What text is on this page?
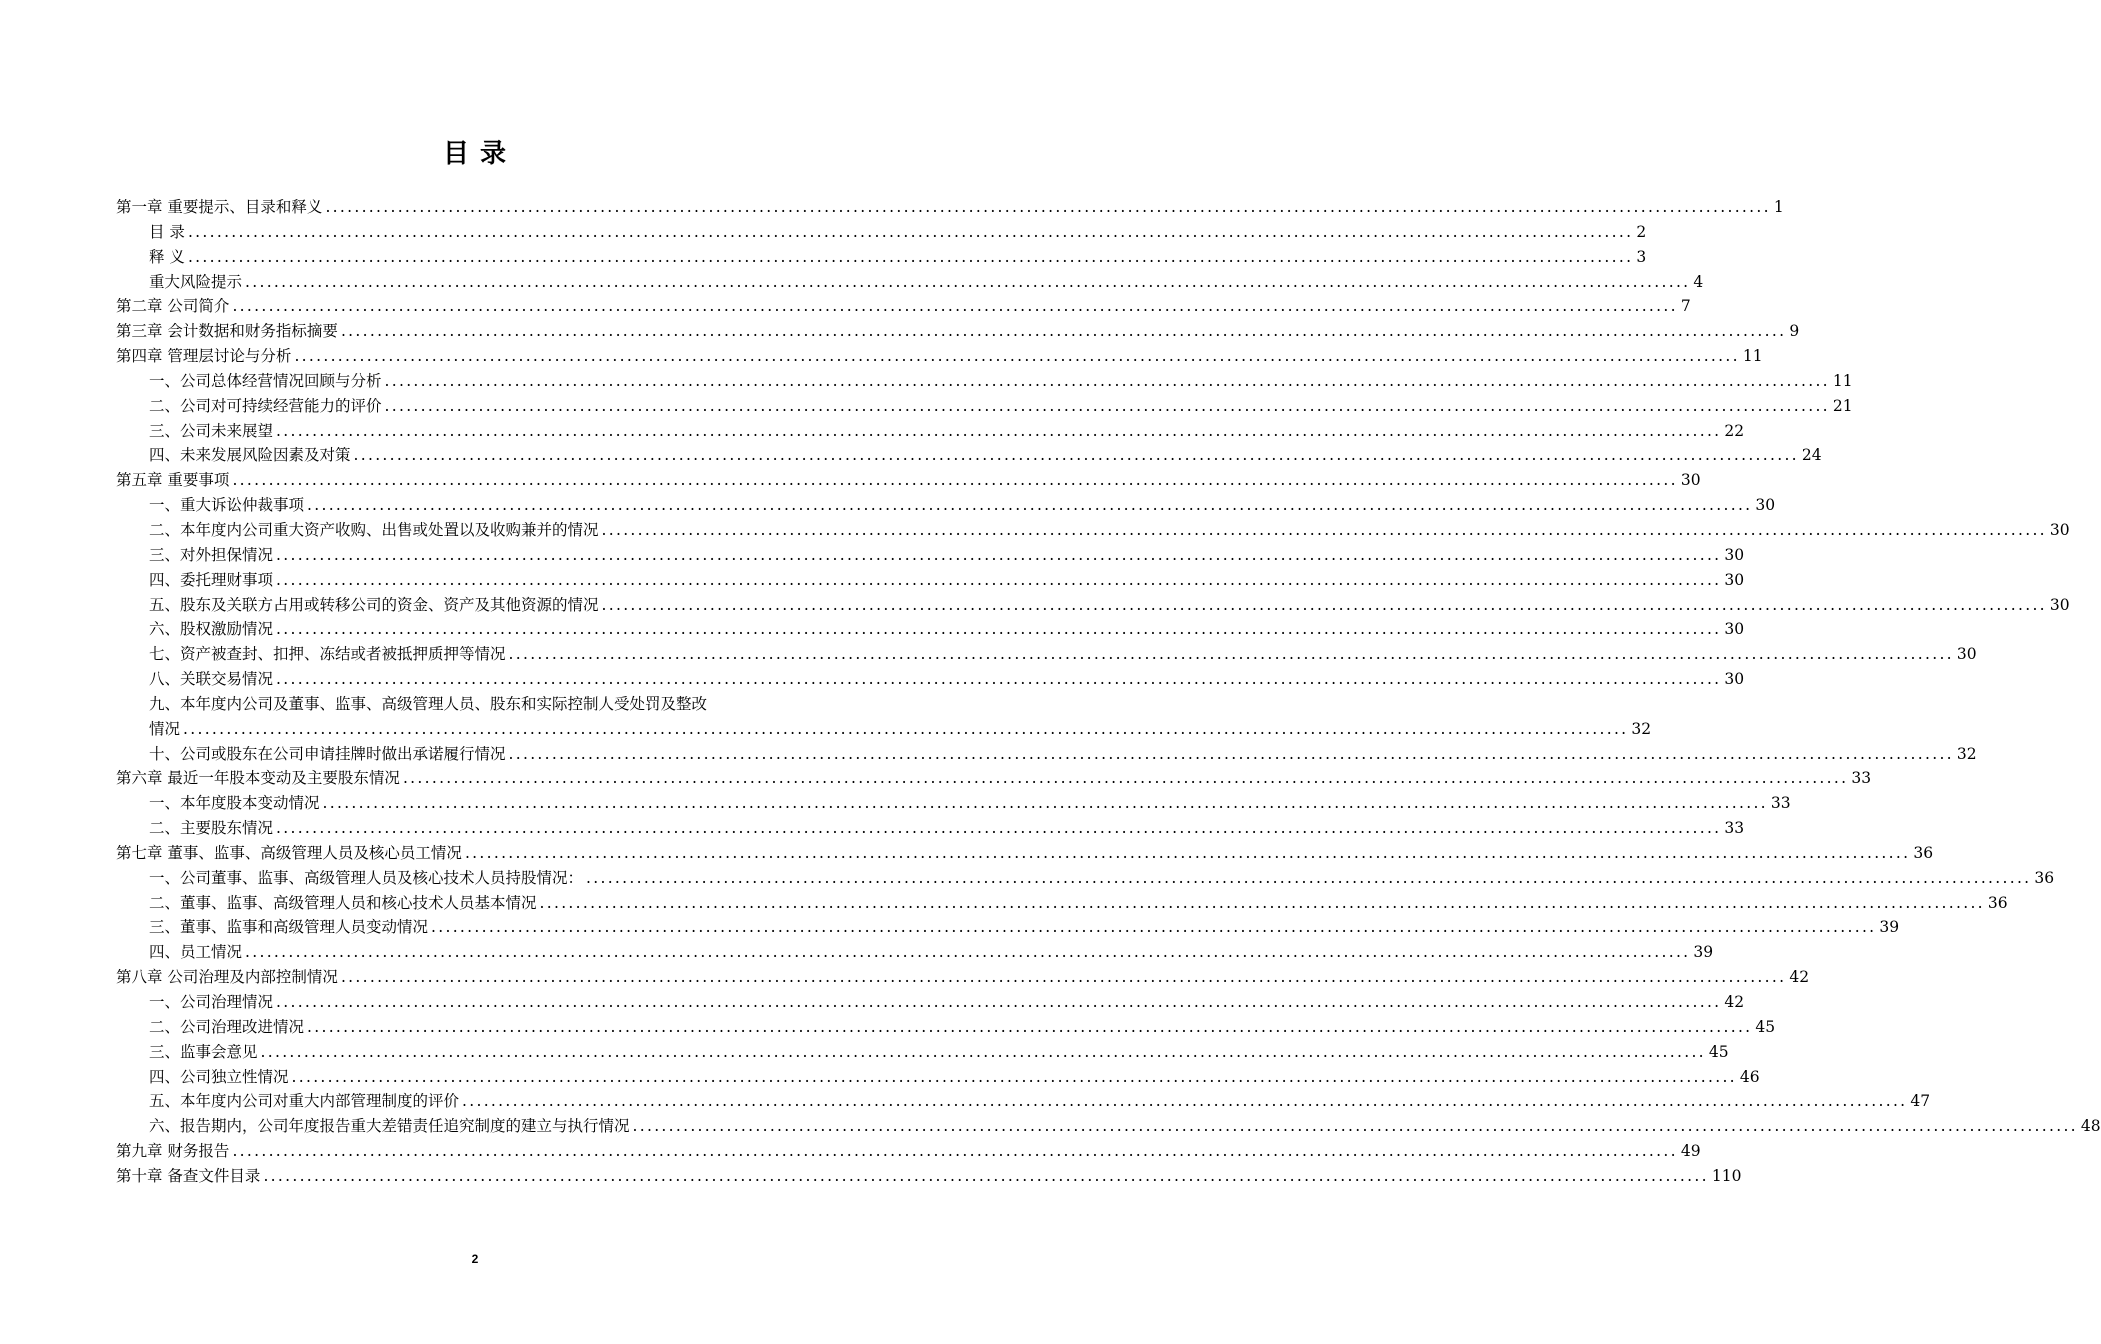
目 录
第一章 重要提示、目录和释义 ........................................................................................................................................................................................................ 1
目 录 ........................................................................................................................................................................................................ 2
释 义 ........................................................................................................................................................................................................ 3
重大风险提示 ........................................................................................................................................................................................................ 4
第二章 公司简介 ........................................................................................................................................................................................................ 7
第三章 会计数据和财务指标摘要 ........................................................................................................................................................................................................ 9
第四章 管理层讨论与分析 ........................................................................................................................................................................................................ 11
一、公司总体经营情况回顾与分析 ........................................................................................................................................................................................................ 11
二、公司对可持续经营能力的评价 ........................................................................................................................................................................................................ 21
三、公司未来展望 ........................................................................................................................................................................................................ 22
四、未来发展风险因素及对策 ........................................................................................................................................................................................................ 24
第五章 重要事项 ........................................................................................................................................................................................................ 30
一、重大诉讼仲裁事项 ........................................................................................................................................................................................................ 30
二、本年度内公司重大资产收购、出售或处置以及收购兼并的情况 ........................................................................................................................................................................................................ 30
三、对外担保情况 ........................................................................................................................................................................................................ 30
四、委托理财事项 ........................................................................................................................................................................................................ 30
五、股东及关联方占用或转移公司的资金、资产及其他资源的情况 ........................................................................................................................................................................................................ 30
六、股权激励情况 ........................................................................................................................................................................................................ 30
七、资产被查封、扣押、冻结或者被抵押质押等情况 ........................................................................................................................................................................................................ 30
八、关联交易情况 ........................................................................................................................................................................................................ 30
九、本年度内公司及董事、监事、高级管理人员、股东和实际控制人受处罚及整改
情况 ........................................................................................................................................................................................................ 32
十、公司或股东在公司申请挂牌时做出承诺履行情况 ........................................................................................................................................................................................................ 32
第六章 最近一年股本变动及主要股东情况 ........................................................................................................................................................................................................ 33
一、本年度股本变动情况 ........................................................................................................................................................................................................ 33
二、主要股东情况 ........................................................................................................................................................................................................ 33
第七章 董事、监事、高级管理人员及核心员工情况 ........................................................................................................................................................................................................ 36
一、公司董事、监事、高级管理人员及核心技术人员持股情况： ........................................................................................................................................................................................................ 36
二、董事、监事、高级管理人员和核心技术人员基本情况 ........................................................................................................................................................................................................ 36
三、董事、监事和高级管理人员变动情况 ........................................................................................................................................................................................................ 39
四、员工情况 ........................................................................................................................................................................................................ 39
第八章 公司治理及内部控制情况 ........................................................................................................................................................................................................ 42
一、公司治理情况 ........................................................................................................................................................................................................ 42
二、公司治理改进情况 ........................................................................................................................................................................................................ 45
三、监事会意见 ........................................................................................................................................................................................................ 45
四、公司独立性情况 ........................................................................................................................................................................................................ 46
五、本年度内公司对重大内部管理制度的评价 ........................................................................................................................................................................................................ 47
六、报告期内，公司年度报告重大差错责任追究制度的建立与执行情况 ........................................................................................................................................................................................................ 48
第九章 财务报告 ........................................................................................................................................................................................................ 49
第十章 备查文件目录 ........................................................................................................................................................................................................ 110
2
